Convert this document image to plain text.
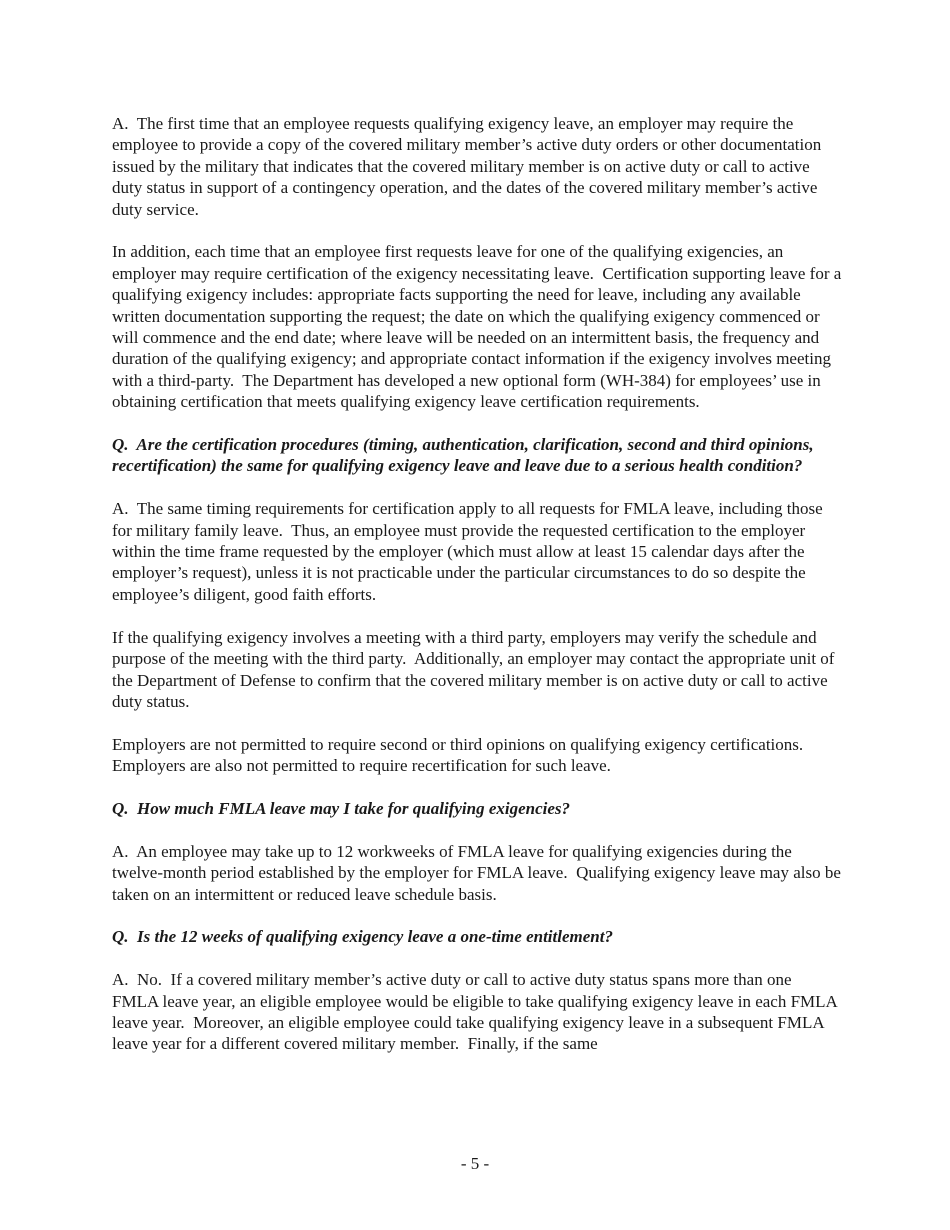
A.  The first time that an employee requests qualifying exigency leave, an employer may require the employee to provide a copy of the covered military member’s active duty orders or other documentation issued by the military that indicates that the covered military member is on active duty or call to active duty status in support of a contingency operation, and the dates of the covered military member’s active duty service.

In addition, each time that an employee first requests leave for one of the qualifying exigencies, an employer may require certification of the exigency necessitating leave.  Certification supporting leave for a qualifying exigency includes: appropriate facts supporting the need for leave, including any available written documentation supporting the request; the date on which the qualifying exigency commenced or will commence and the end date; where leave will be needed on an intermittent basis, the frequency and duration of the qualifying exigency; and appropriate contact information if the exigency involves meeting with a third-party.  The Department has developed a new optional form (WH-384) for employees’ use in obtaining certification that meets qualifying exigency leave certification requirements.

Q.  Are the certification procedures (timing, authentication, clarification, second and third opinions, recertification) the same for qualifying exigency leave and leave due to a serious health condition?

A.  The same timing requirements for certification apply to all requests for FMLA leave, including those for military family leave.  Thus, an employee must provide the requested certification to the employer within the time frame requested by the employer (which must allow at least 15 calendar days after the employer’s request), unless it is not practicable under the particular circumstances to do so despite the employee’s diligent, good faith efforts.

If the qualifying exigency involves a meeting with a third party, employers may verify the schedule and purpose of the meeting with the third party.  Additionally, an employer may contact the appropriate unit of the Department of Defense to confirm that the covered military member is on active duty or call to active duty status.

Employers are not permitted to require second or third opinions on qualifying exigency certifications.  Employers are also not permitted to require recertification for such leave.

Q.  How much FMLA leave may I take for qualifying exigencies?

A.  An employee may take up to 12 workweeks of FMLA leave for qualifying exigencies during the twelve-month period established by the employer for FMLA leave.  Qualifying exigency leave may also be taken on an intermittent or reduced leave schedule basis.

Q.  Is the 12 weeks of qualifying exigency leave a one-time entitlement?

A.  No.  If a covered military member’s active duty or call to active duty status spans more than one FMLA leave year, an eligible employee would be eligible to take qualifying exigency leave in each FMLA leave year.  Moreover, an eligible employee could take qualifying exigency leave in a subsequent FMLA leave year for a different covered military member.  Finally, if the same

- 5 -
